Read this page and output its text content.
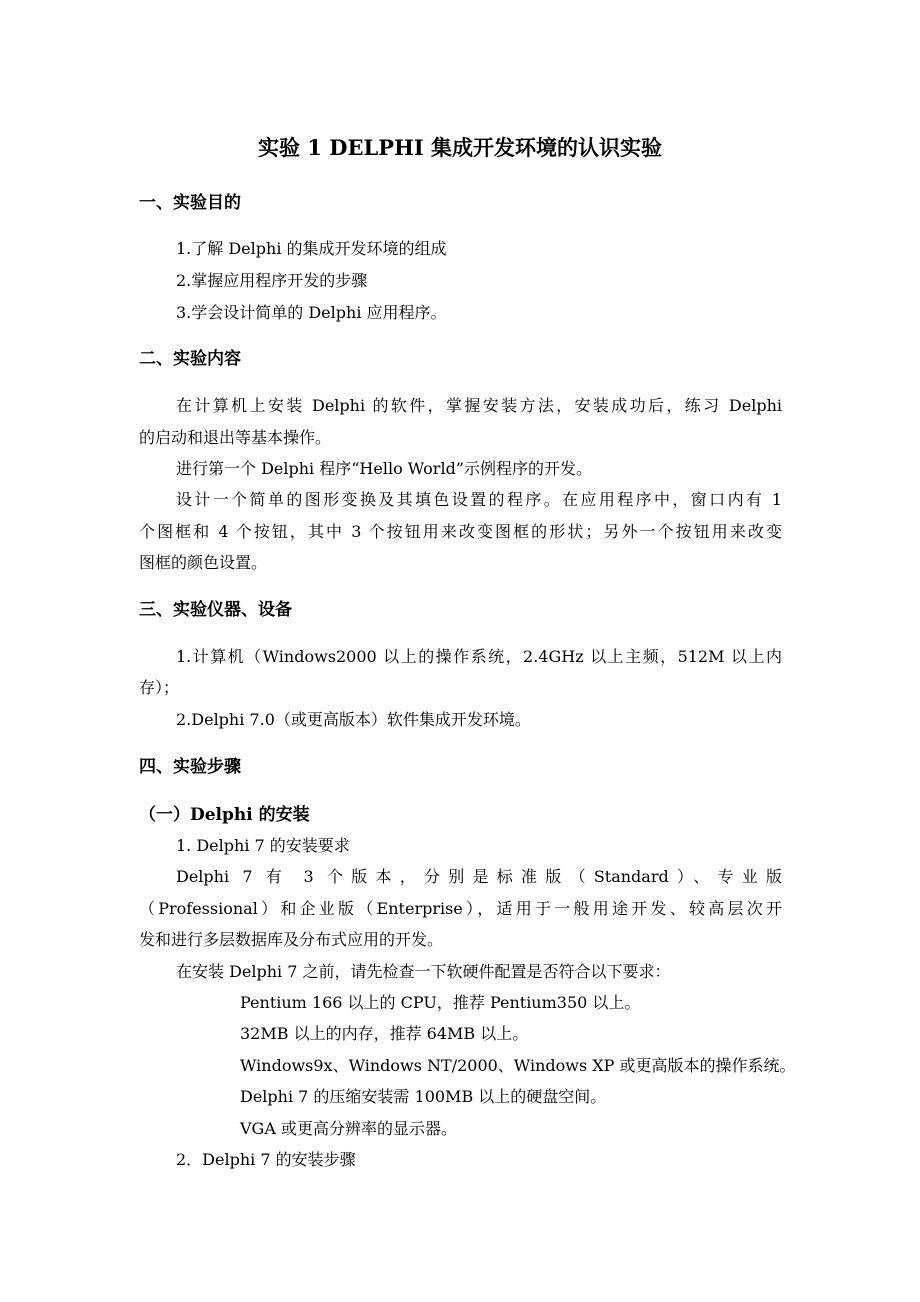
实验 1 DELPHI 集成开发环境的认识实验
一、实验目的
1.了解 Delphi 的集成开发环境的组成
2.掌握应用程序开发的步骤
3.学会设计简单的 Delphi 应用程序。
二、实验内容
在计算机上安装 Delphi 的软件，掌握安装方法，安装成功后，练习 Delphi
的启动和退出等基本操作。
进行第一个 Delphi 程序“Hello World”示例程序的开发。
设计一个简单的图形变换及其填色设置的程序。在应用程序中，窗口内有 1
个图框和 4 个按钮，其中 3 个按钮用来改变图框的形状；另外一个按钮用来改变
图框的颜色设置。
三、实验仪器、设备
1.计算机（Windows2000 以上的操作系统，2.4GHz 以上主频，512M 以上内
存）；
2.Delphi 7.0（或更高版本）软件集成开发环境。
四、实验步骤
（一）Delphi 的安装
1. Delphi 7 的安装要求
Delphi 7 有 3 个版本，分别是标准版（Standard）、专业版
（Professional）和企业版（Enterprise），适用于一般用途开发、较高层次开
发和进行多层数据库及分布式应用的开发。
在安装 Delphi 7 之前，请先检查一下软硬件配置是否符合以下要求：
Pentium 166 以上的 CPU，推荐 Pentium350 以上。
32MB 以上的内存，推荐 64MB 以上。
Windows9x、Windows NT/2000、Windows XP 或更高版本的操作系统。
Delphi 7 的压缩安装需 100MB 以上的硬盘空间。
VGA 或更高分辨率的显示器。
2．Delphi 7 的安装步骤
